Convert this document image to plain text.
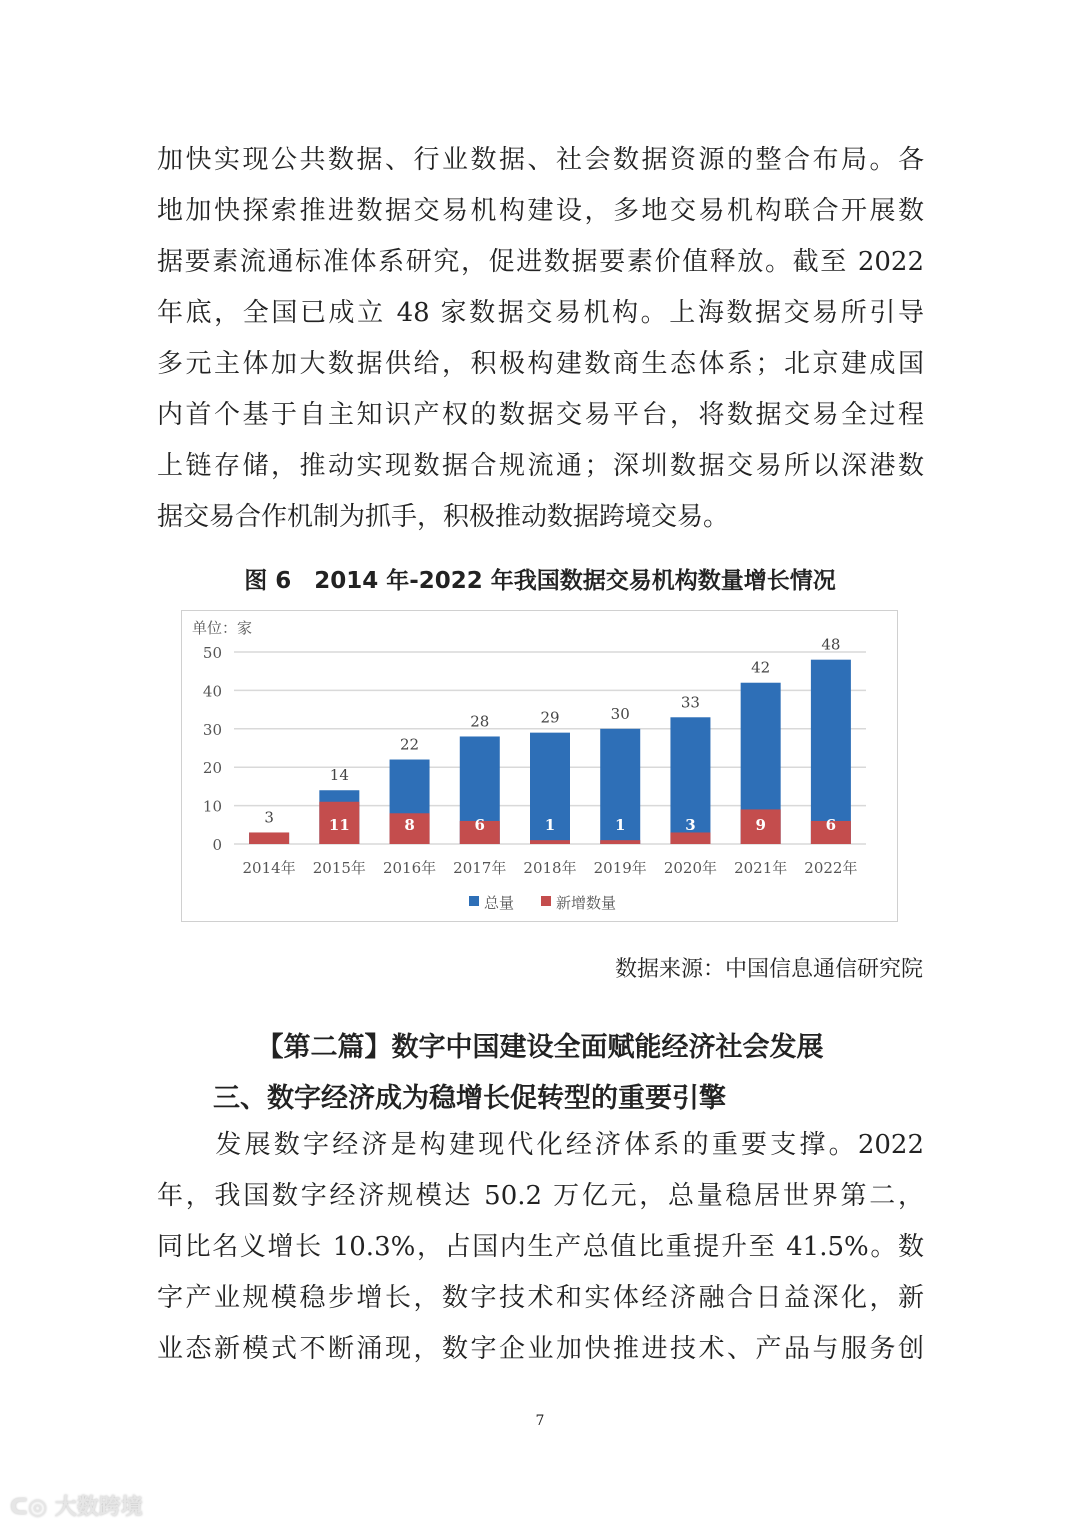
加快实现公共数据、行业数据、社会数据资源的整合布局。各
地加快探索推进数据交易机构建设，多地交易机构联合开展数
据要素流通标准体系研究，促进数据要素价值释放。截至 2022
年底，全国已成立 48 家数据交易机构。上海数据交易所引导
多元主体加大数据供给，积极构建数商生态体系；北京建成国
内首个基于自主知识产权的数据交易平台，将数据交易全过程
上链存储，推动实现数据合规流通；深圳数据交易所以深港数
据交易合作机制为抓手，积极推动数据跨境交易。
图 6　2014 年-2022 年我国数据交易机构数量增长情况
单位：家
0
10
20
30
40
50
3
2014年
14
11
2015年
22
8
2016年
28
6
2017年
29
1
2018年
30
1
2019年
33
3
2020年
42
9
2021年
48
6
2022年
总量	新增数量
数据来源：中国信息通信研究院
【第二篇】数字中国建设全面赋能经济社会发展
三、数字经济成为稳增长促转型的重要引擎
　　发展数字经济是构建现代化经济体系的重要支撑。2022
年，我国数字经济规模达 50.2 万亿元，总量稳居世界第二，
同比名义增长 10.3%，占国内生产总值比重提升至 41.5%。数
字产业规模稳步增长，数字技术和实体经济融合日益深化，新
业态新模式不断涌现，数字企业加快推进技术、产品与服务创
7
ᑕ◎ 大数跨境
